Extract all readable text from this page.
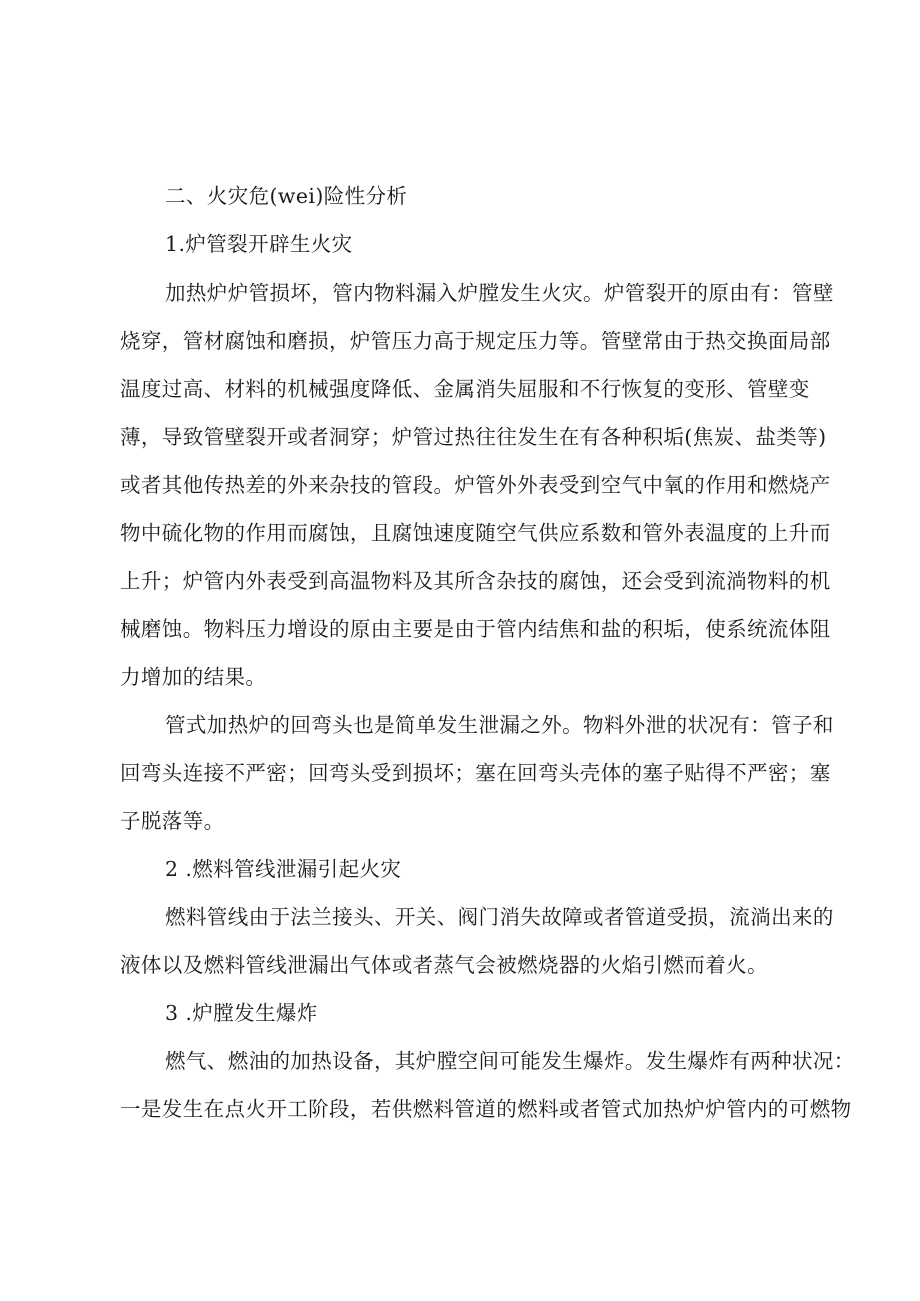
二、火灾危(wei)险性分析
1.炉管裂开辟生火灾
加热炉炉管损坏，管内物料漏入炉膛发生火灾。炉管裂开的原由有：管壁
烧穿，管材腐蚀和磨损，炉管压力高于规定压力等。管壁常由于热交换面局部
温度过高、材料的机械强度降低、金属消失屈服和不行恢复的变形、管壁变
薄，导致管壁裂开或者洞穿；炉管过热往往发生在有各种积垢(焦炭、盐类等)
或者其他传热差的外来杂技的管段。炉管外外表受到空气中氧的作用和燃烧产
物中硫化物的作用而腐蚀，且腐蚀速度随空气供应系数和管外表温度的上升而
上升；炉管内外表受到高温物料及其所含杂技的腐蚀，还会受到流淌物料的机
械磨蚀。物料压力增设的原由主要是由于管内结焦和盐的积垢，使系统流体阻
力增加的结果。
管式加热炉的回弯头也是简单发生泄漏之外。物料外泄的状况有：管子和
回弯头连接不严密；回弯头受到损坏；塞在回弯头壳体的塞子贴得不严密；塞
子脱落等。
2 .燃料管线泄漏引起火灾
燃料管线由于法兰接头、开关、阀门消失故障或者管道受损，流淌出来的
液体以及燃料管线泄漏出气体或者蒸气会被燃烧器的火焰引燃而着火。
3 .炉膛发生爆炸
燃气、燃油的加热设备，其炉膛空间可能发生爆炸。发生爆炸有两种状况：
一是发生在点火开工阶段，若供燃料管道的燃料或者管式加热炉炉管内的可燃物
